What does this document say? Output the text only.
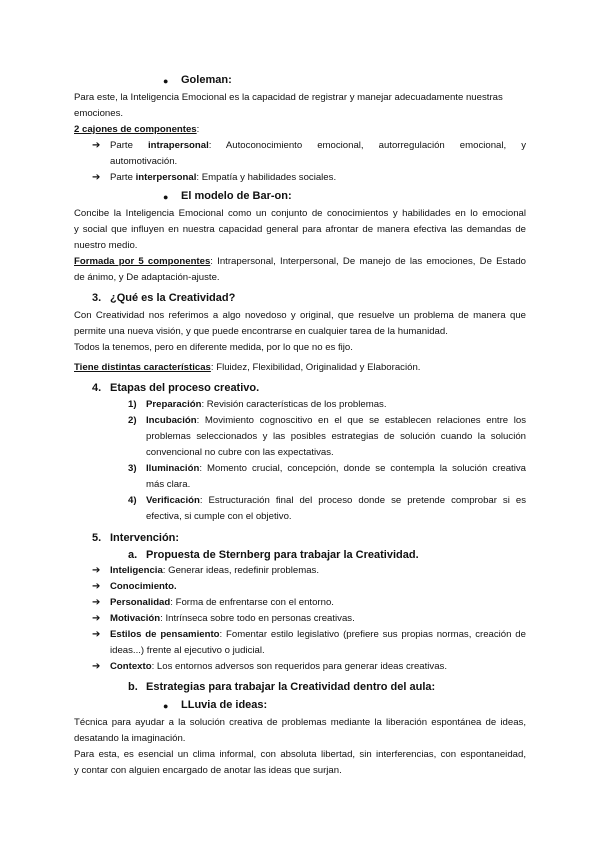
● Goleman:
Para este, la Inteligencia Emocional es la capacidad de registrar y manejar adecuadamente nuestras
emociones.
2 cajones de componentes:
➔ Parte intrapersonal: Autoconocimiento emocional, autorregulación emocional, y
automotivación.
➔ Parte interpersonal: Empatía y habilidades sociales.
● El modelo de Bar-on:
Concibe la Inteligencia Emocional como un conjunto de conocimientos y habilidades en lo emocional
y social que influyen en nuestra capacidad general para afrontar de manera efectiva las demandas de
nuestro medio.
Formada por 5 componentes: Intrapersonal, Interpersonal, De manejo de las emociones, De Estado
de ánimo, y De adaptación-ajuste.
3. ¿Qué es la Creatividad?
Con Creatividad nos referimos a algo novedoso y original, que resuelve un problema de manera que
permite una nueva visión, y que puede encontrarse en cualquier tarea de la humanidad.
Todos la tenemos, pero en diferente medida, por lo que no es fijo.
Tiene distintas características: Fluidez, Flexibilidad, Originalidad y Elaboración.
4. Etapas del proceso creativo.
1) Preparación: Revisión características de los problemas.
2) Incubación: Movimiento cognoscitivo en el que se establecen relaciones entre los
problemas seleccionados y las posibles estrategias de solución cuando la solución
convencional no cubre con las expectativas.
3) Iluminación: Momento crucial, concepción, donde se contempla la solución creativa
más clara.
4) Verificación: Estructuración final del proceso donde se pretende comprobar si es
efectiva, si cumple con el objetivo.
5. Intervención:
a. Propuesta de Sternberg para trabajar la Creatividad.
➔ Inteligencia: Generar ideas, redefinir problemas.
➔ Conocimiento.
➔ Personalidad: Forma de enfrentarse con el entorno.
➔ Motivación: Intrínseca sobre todo en personas creativas.
➔ Estilos de pensamiento: Fomentar estilo legislativo (prefiere sus propias normas, creación de
ideas...) frente al ejecutivo o judicial.
➔ Contexto: Los entornos adversos son requeridos para generar ideas creativas.
b. Estrategias para trabajar la Creatividad dentro del aula:
● LLuvia de ideas:
Técnica para ayudar a la solución creativa de problemas mediante la liberación espontánea de ideas,
desatando la imaginación.
Para esta, es esencial un clima informal, con absoluta libertad, sin interferencias, con espontaneidad,
y contar con alguien encargado de anotar las ideas que surjan.
